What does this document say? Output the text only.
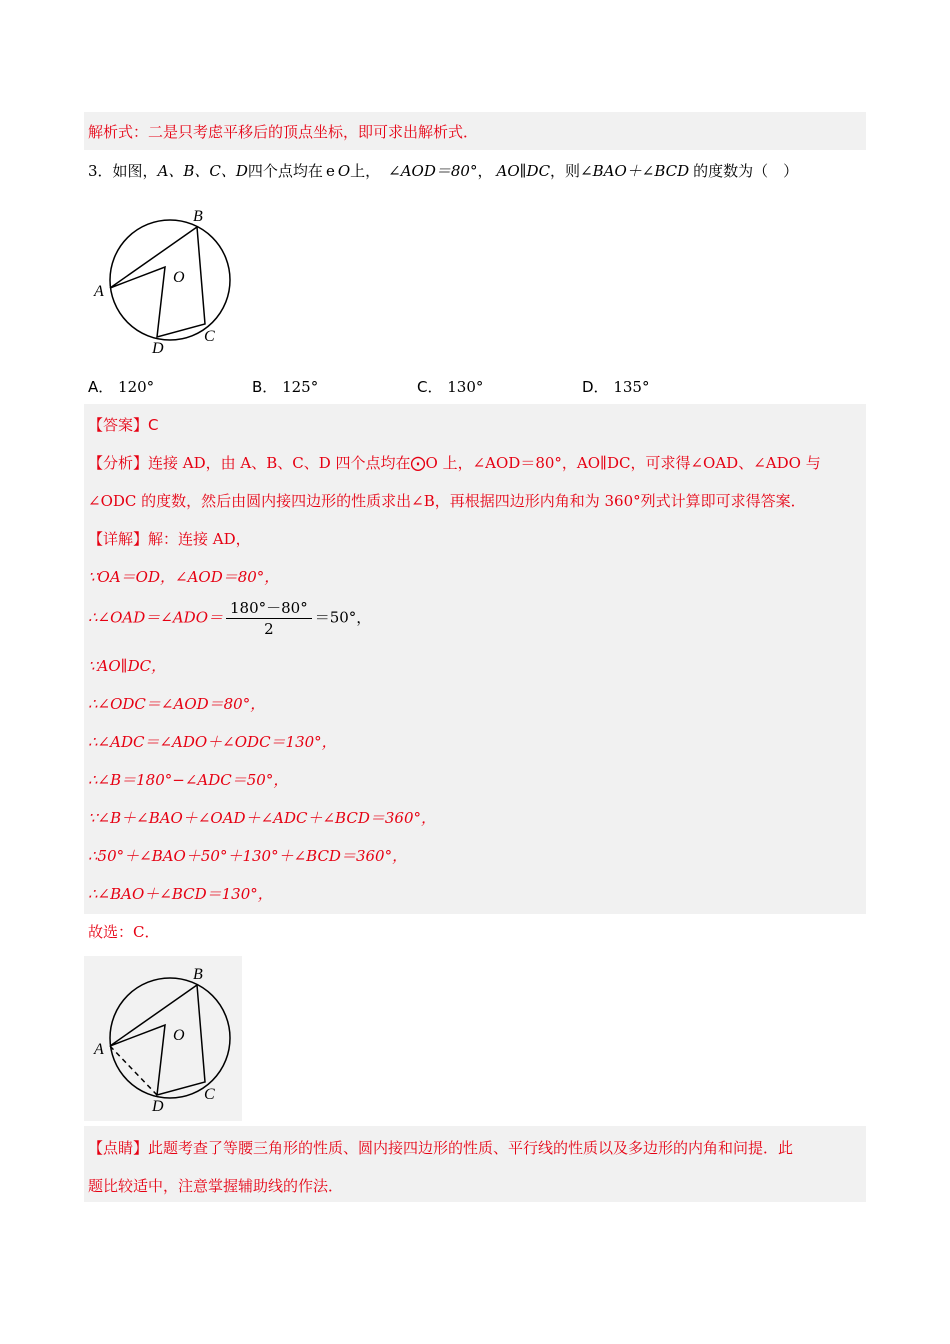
解析式：二是只考虑平移后的顶点坐标，即可求出解析式．
3．如图，A、B、C、D四个点均在 e O上， ∠AOD＝80°， AO∥DC，则∠BAO＋∠BCD 的度数为（　）
B
O
A
C
D
A． 120°	B． 125°	C． 130°	D． 135°
【答案】C
【分析】连接 AD，由 A、B、C、D 四个点均在⨀O 上，∠AOD＝80°，AO∥DC，可求得∠OAD、∠ADO 与
∠ODC 的度数，然后由圆内接四边形的性质求出∠B，再根据四边形内角和为 360°列式计算即可求得答案．
【详解】解：连接 AD，
∵OA＝OD，∠AOD＝80°，
∴∠OAD＝∠ADO＝ $\frac{180^\circ-80^\circ}{2} =50^\circ$，
∵AO∥DC，
∴∠ODC＝∠AOD＝80°，
∴∠ADC＝∠ADO＋∠ODC＝130°，
∴∠B＝180°−∠ADC＝50°，
∵∠B＋∠BAO＋∠OAD＋∠ADC＋∠BCD＝360°，
∴50°＋∠BAO＋50°＋130°＋∠BCD＝360°，
∴∠BAO＋∠BCD＝130°，
故选：C．
B
O
A
C
D
【点睛】此题考查了等腰三角形的性质、圆内接四边形的性质、平行线的性质以及多边形的内角和问提．此
题比较适中，注意掌握辅助线的作法．
